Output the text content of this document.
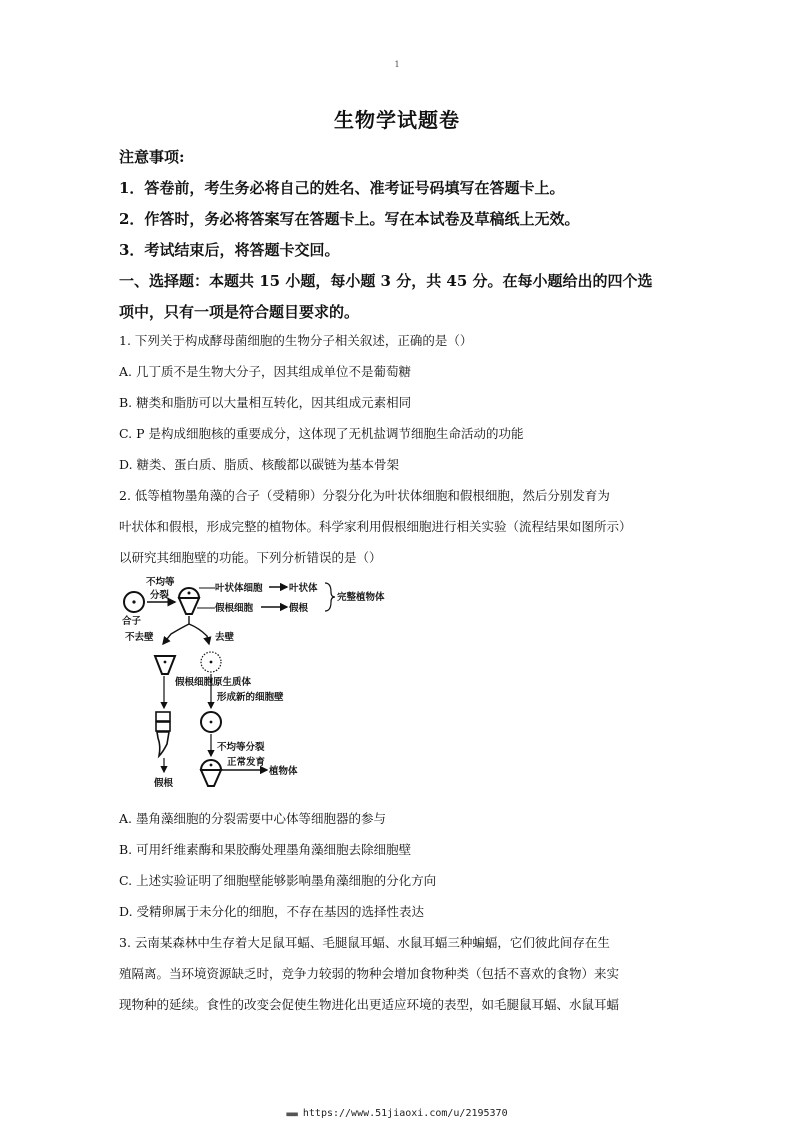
1
生物学试题卷
注意事项:
1．答卷前，考生务必将自己的姓名、准考证号码填写在答题卡上。
2．作答时，务必将答案写在答题卡上。写在本试卷及草稿纸上无效。
3．考试结束后，将答题卡交回。
一、选择题：本题共 15 小题，每小题 3 分，共 45 分。在每小题给出的四个选
项中，只有一项是符合题目要求的。
1. 下列关于构成酵母菌细胞的生物分子相关叙述，正确的是（）
A. 几丁质不是生物大分子，因其组成单位不是葡萄糖
B. 糖类和脂肪可以大量相互转化，因其组成元素相同
C. P 是构成细胞核的重要成分，这体现了无机盐调节细胞生命活动的功能
D. 糖类、蛋白质、脂质、核酸都以碳链为基本骨架
2. 低等植物墨角藻的合子（受精卵）分裂分化为叶状体细胞和假根细胞，然后分别发育为
叶状体和假根，形成完整的植物体。科学家利用假根细胞进行相关实验（流程结果如图所示）
以研究其细胞壁的功能。下列分析错误的是（）
合子
不均等
分裂
叶状体细胞	叶状体
假根细胞	假根
完整植物体
不去壁	去壁
假根
假根细胞原生质体
形成新的细胞壁
不均等分裂
正常发育
植物体
A. 墨角藻细胞的分裂需要中心体等细胞器的参与
B. 可用纤维素酶和果胶酶处理墨角藻细胞去除细胞壁
C. 上述实验证明了细胞壁能够影响墨角藻细胞的分化方向
D. 受精卵属于未分化的细胞，不存在基因的选择性表达
3. 云南某森林中生存着大足鼠耳蝠、毛腿鼠耳蝠、水鼠耳蝠三种蝙蝠，它们彼此间存在生
殖隔离。当环境资源缺乏时，竞争力较弱的物种会增加食物种类（包括不喜欢的食物）来实
现物种的延续。食性的改变会促使生物进化出更适应环境的表型，如毛腿鼠耳蝠、水鼠耳蝠
■■■■ https://www.51jiaoxi.com/u/2195370
